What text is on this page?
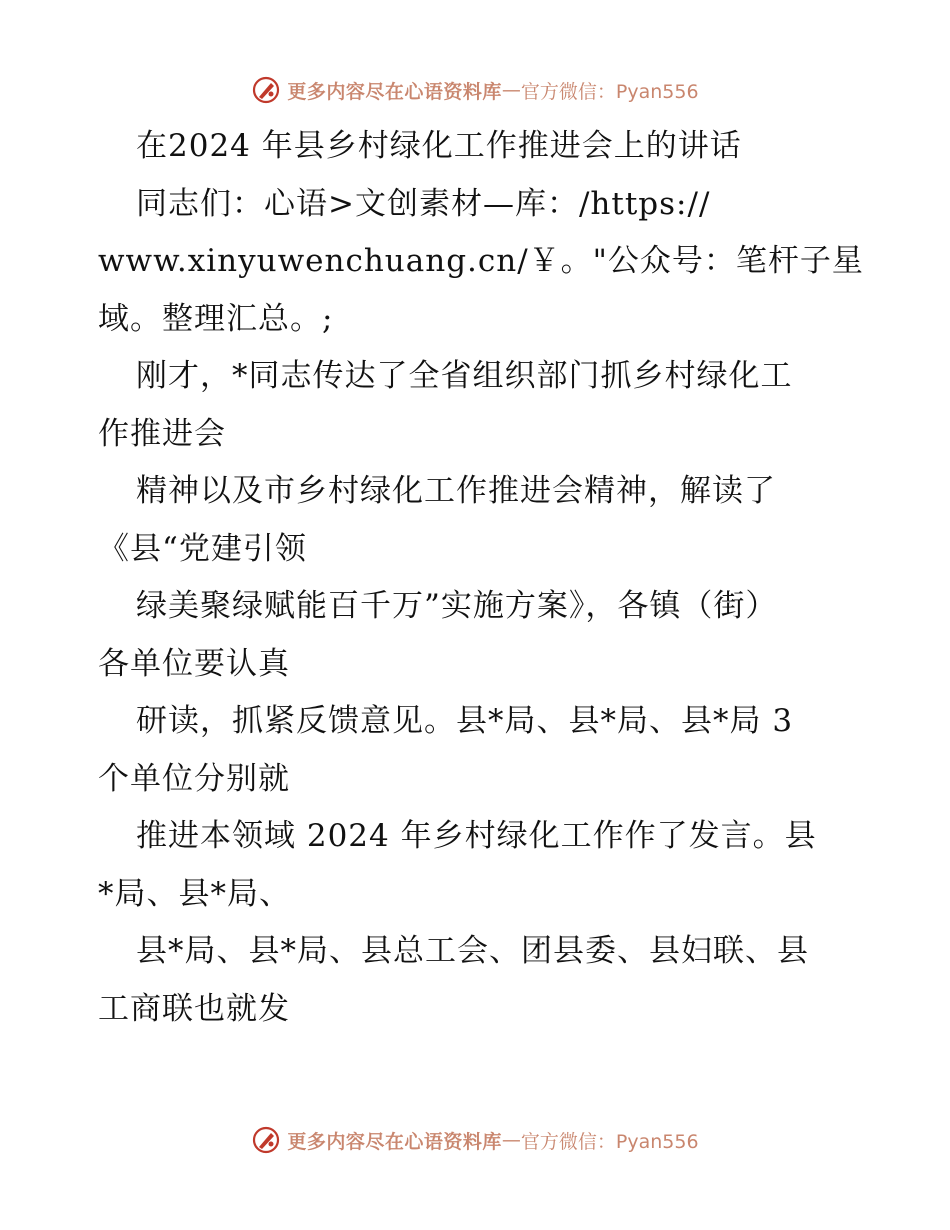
更多内容尽在心语资料库 — 官方微信：Pyan556
在2024 年县乡村绿化工作推进会上的讲话
同志们：心语>文创素材—库：/https://
www.xinyuwenchuang.cn/￥。"公众号：笔杆子星
域。整理汇总。;
刚才，*同志传达了全省组织部门抓乡村绿化工
作推进会
精神以及市乡村绿化工作推进会精神，解读了
《县“党建引领
绿美聚绿赋能百千万”实施方案》，各镇（街）
各单位要认真
研读，抓紧反馈意见。县*局、县*局、县*局 3
个单位分别就
推进本领域 2024 年乡村绿化工作作了发言。县
*局、县*局、
县*局、县*局、县总工会、团县委、县妇联、县
工商联也就发
更多内容尽在心语资料库 — 官方微信：Pyan556
